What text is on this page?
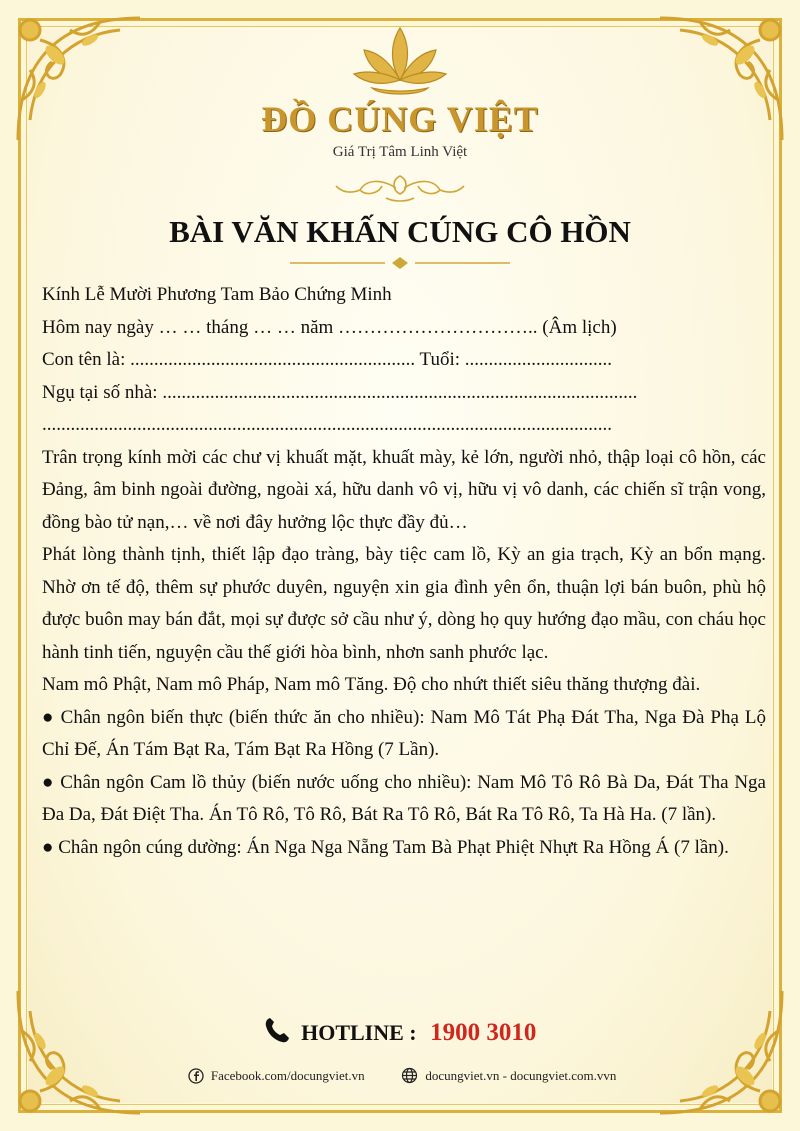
ĐỒ CÚNG VIỆT
Giá Trị Tâm Linh Việt
BÀI VĂN KHẤN CÚNG CÔ HỒN

Kính Lễ Mười Phương Tam Bảo Chứng Minh

Hôm nay ngày … … tháng … … năm ………………………….. (Âm lịch)

Con tên là: ............................................................ Tuổi: ...............................

Ngụ tại số nhà: ....................................................................................................

........................................................................................................................

Trân trọng kính mời các chư vị khuất mặt, khuất mày, kẻ lớn, người nhỏ, thập loại cô hồn, các Đảng, âm binh ngoài đường, ngoài xá, hữu danh vô vị, hữu vị vô danh, các chiến sĩ trận vong, đồng bào tử nạn,… về nơi đây hưởng lộc thực đầy đủ…

Phát lòng thành tịnh, thiết lập đạo tràng, bày tiệc cam lồ, Kỳ an gia trạch, Kỳ an bổn mạng. Nhờ ơn tế độ, thêm sự phước duyên, nguyện xin gia đình yên ổn, thuận lợi bán buôn, phù hộ được buôn may bán đắt, mọi sự được sở cầu như ý, dòng họ quy hướng đạo mầu, con cháu học hành tinh tiến, nguyện cầu thế giới hòa bình, nhơn sanh phước lạc.

Nam mô Phật, Nam mô Pháp, Nam mô Tăng. Độ cho nhứt thiết siêu thăng thượng đài.

● Chân ngôn biến thực (biến thức ăn cho nhiều): Nam Mô Tát Phạ Đát Tha, Nga Đà Phạ Lộ Chỉ Đế, Án Tám Bạt Ra, Tám Bạt Ra Hồng (7 Lần).

● Chân ngôn Cam lồ thủy (biến nước uống cho nhiều): Nam Mô Tô Rô Bà Da, Đát Tha Nga Đa Da, Đát Điệt Tha. Án Tô Rô, Tô Rô, Bát Ra Tô Rô, Bát Ra Tô Rô, Ta Hà Ha. (7 lần).

● Chân ngôn cúng dường: Án Nga Nga Nẵng Tam Bà Phạt Phiệt Nhựt Ra Hồng Á (7 lần).

HOTLINE : 1900 3010
Facebook.com/docungviet.vn	docungviet.vn - docungviet.com.vvn
